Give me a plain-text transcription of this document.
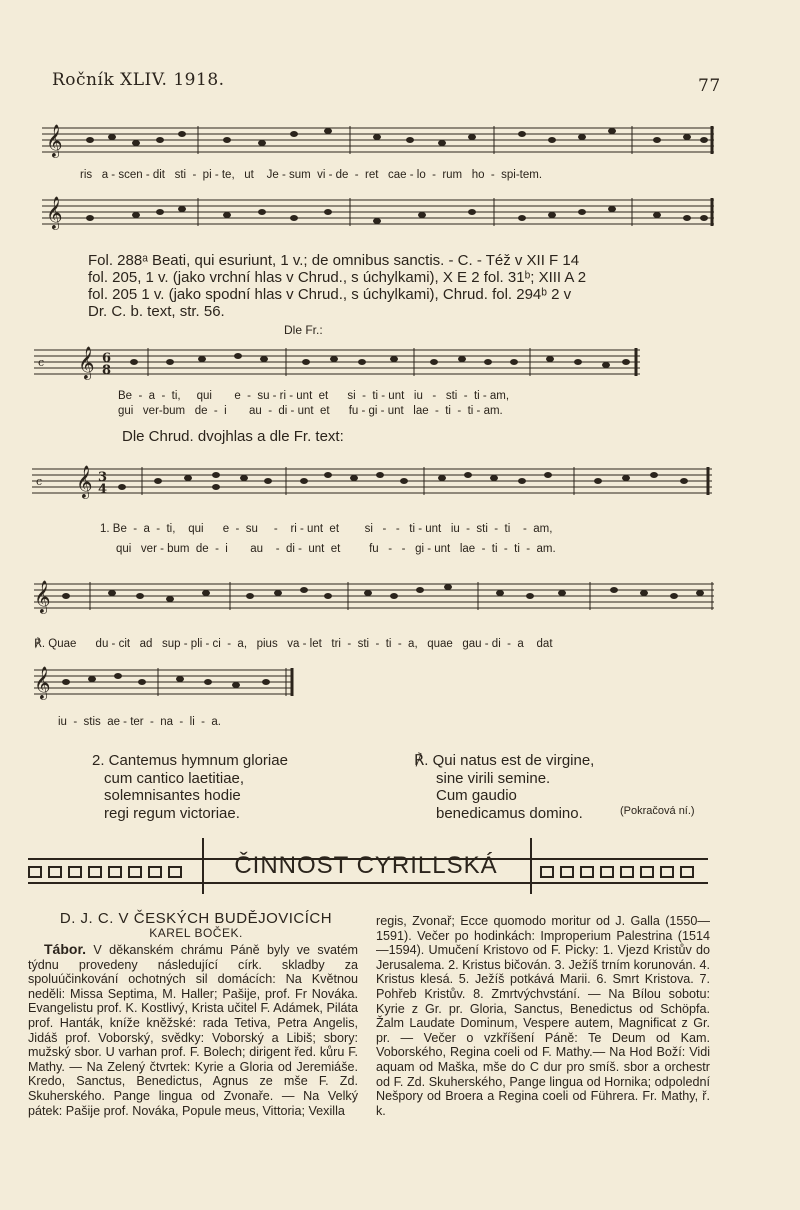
Ročník XLIV. 1918.	77
𝄞
𝄞
ris   a - scen - dit   sti  -  pi - te,   ut    Je - sum  vi - de  -  ret   cae - lo  -  rum   ho  -  spi-tem.
Fol. 288ᵃ Beati, qui esuriunt, 1 v.; de omnibus sanctis. - C. - Též v XII F 14
fol. 205, 1 v. (jako vrchní hlas v Chrud., s úchylkami), X E 2 fol. 31ᵇ; XIII A 2
fol. 205 1 v. (jako spodní hlas v Chrud., s úchylkami), Chrud. fol. 294ᵇ 2 v
Dr. C. b. text, str. 56.
Dle Fr.:
c 𝄞 6
8
Be  -  a  -  ti,     qui       e  -  su - ri - unt  et      si  -  ti - unt   iu   -   sti  -  ti - am,
gui   ver-bum   de  -  i       au  -  di - unt  et      fu - gi - unt   lae  -  ti  -  ti - am.
Dle Chrud. dvojhlas a dle Fr. text:
c 𝄞 3
4
1. Be  -  a  -  ti,    qui      e  -  su     -    ri - unt  et        si   -   -   ti - unt   iu  -  sti  -  ti    -  am,
qui   ver - bum  de  -  i       au    -  di -  unt  et         fu   -   -   gi - unt   lae  -  ti  -  ti  -  am.
𝄞
℟. Quae      du - cit   ad   sup - pli - ci  -  a,   pius   va - let   tri  -  sti  -  ti  -  a,   quae   gau - di  -  a    dat
𝄞
iu  -  stis  ae - ter  -  na  -  li  -  a.
2. Cantemus hymnum gloriae
cum cantico laetitiae,
solemnisantes hodie
regi regum victoriae.
℟. Qui natus est de virgine,
sine virili semine.
Cum gaudio
benedicamus domino.	(Pokračová ní.)
ČINNOST CYRILLSKÁ
D. J. C. V ČESKÝCH BUDĚJOVICÍCH
KAREL BOČEK.
Tábor. V děkanském chrámu Páně byly ve svatém týdnu provedeny následující círk. skladby za spoluúčinkování ochotných sil domácích: Na Květnou neděli: Missa Septima, M. Haller; Pašije, prof. Fr Nováka. Evangelistu prof. K. Kostlivý, Krista učitel F. Adámek, Piláta prof. Hanták, kníže kněžské: rada Tetiva, Petra Angelis, Jidáš prof. Voborský, svědky: Voborský a Libiš; sbory: mužský sbor. U varhan prof. F. Bolech; dirigent řed. kůru F. Mathy. — Na Zelený čtvrtek: Kyrie a Gloria od Jeremiáše. Kredo, Sanctus, Benedictus, Agnus ze mše F. Zd. Skuherského. Pange lingua od Zvonaře. — Na Velký pátek: Pašije prof. Nováka, Popule meus, Vittoria; Vexilla
regis, Zvonař; Ecce quomodo moritur od J. Galla (1550—1591). Večer po hodinkách: Improperium Palestrina (1514—1594). Umučení Kristovo od F. Picky: 1. Vjezd Kristův do Jerusalema. 2. Kristus bičován. 3. Ježíš trním korunován. 4. Kristus klesá. 5. Ježíš potkává Marii. 6. Smrt Kristova. 7. Pohřeb Kristův. 8. Zmrtvýchvstání. — Na Bílou sobotu: Kyrie z Gr. pr. Gloria, Sanctus, Benedictus od Schöpfa. Žalm Laudate Dominum, Vespere autem, Magnificat z Gr. pr. — Večer o vzkříšení Páně: Te Deum od Kam. Voborského, Regina coeli od F. Mathy.— Na Hod Boží: Vidi aquam od Maška, mše do C dur pro smíš. sbor a orchestr od F. Zd. Skuherského, Pange lingua od Hornika; odpolední Nešpory od Broera a Regina coeli od Führera. Fr. Mathy, ř. k.
